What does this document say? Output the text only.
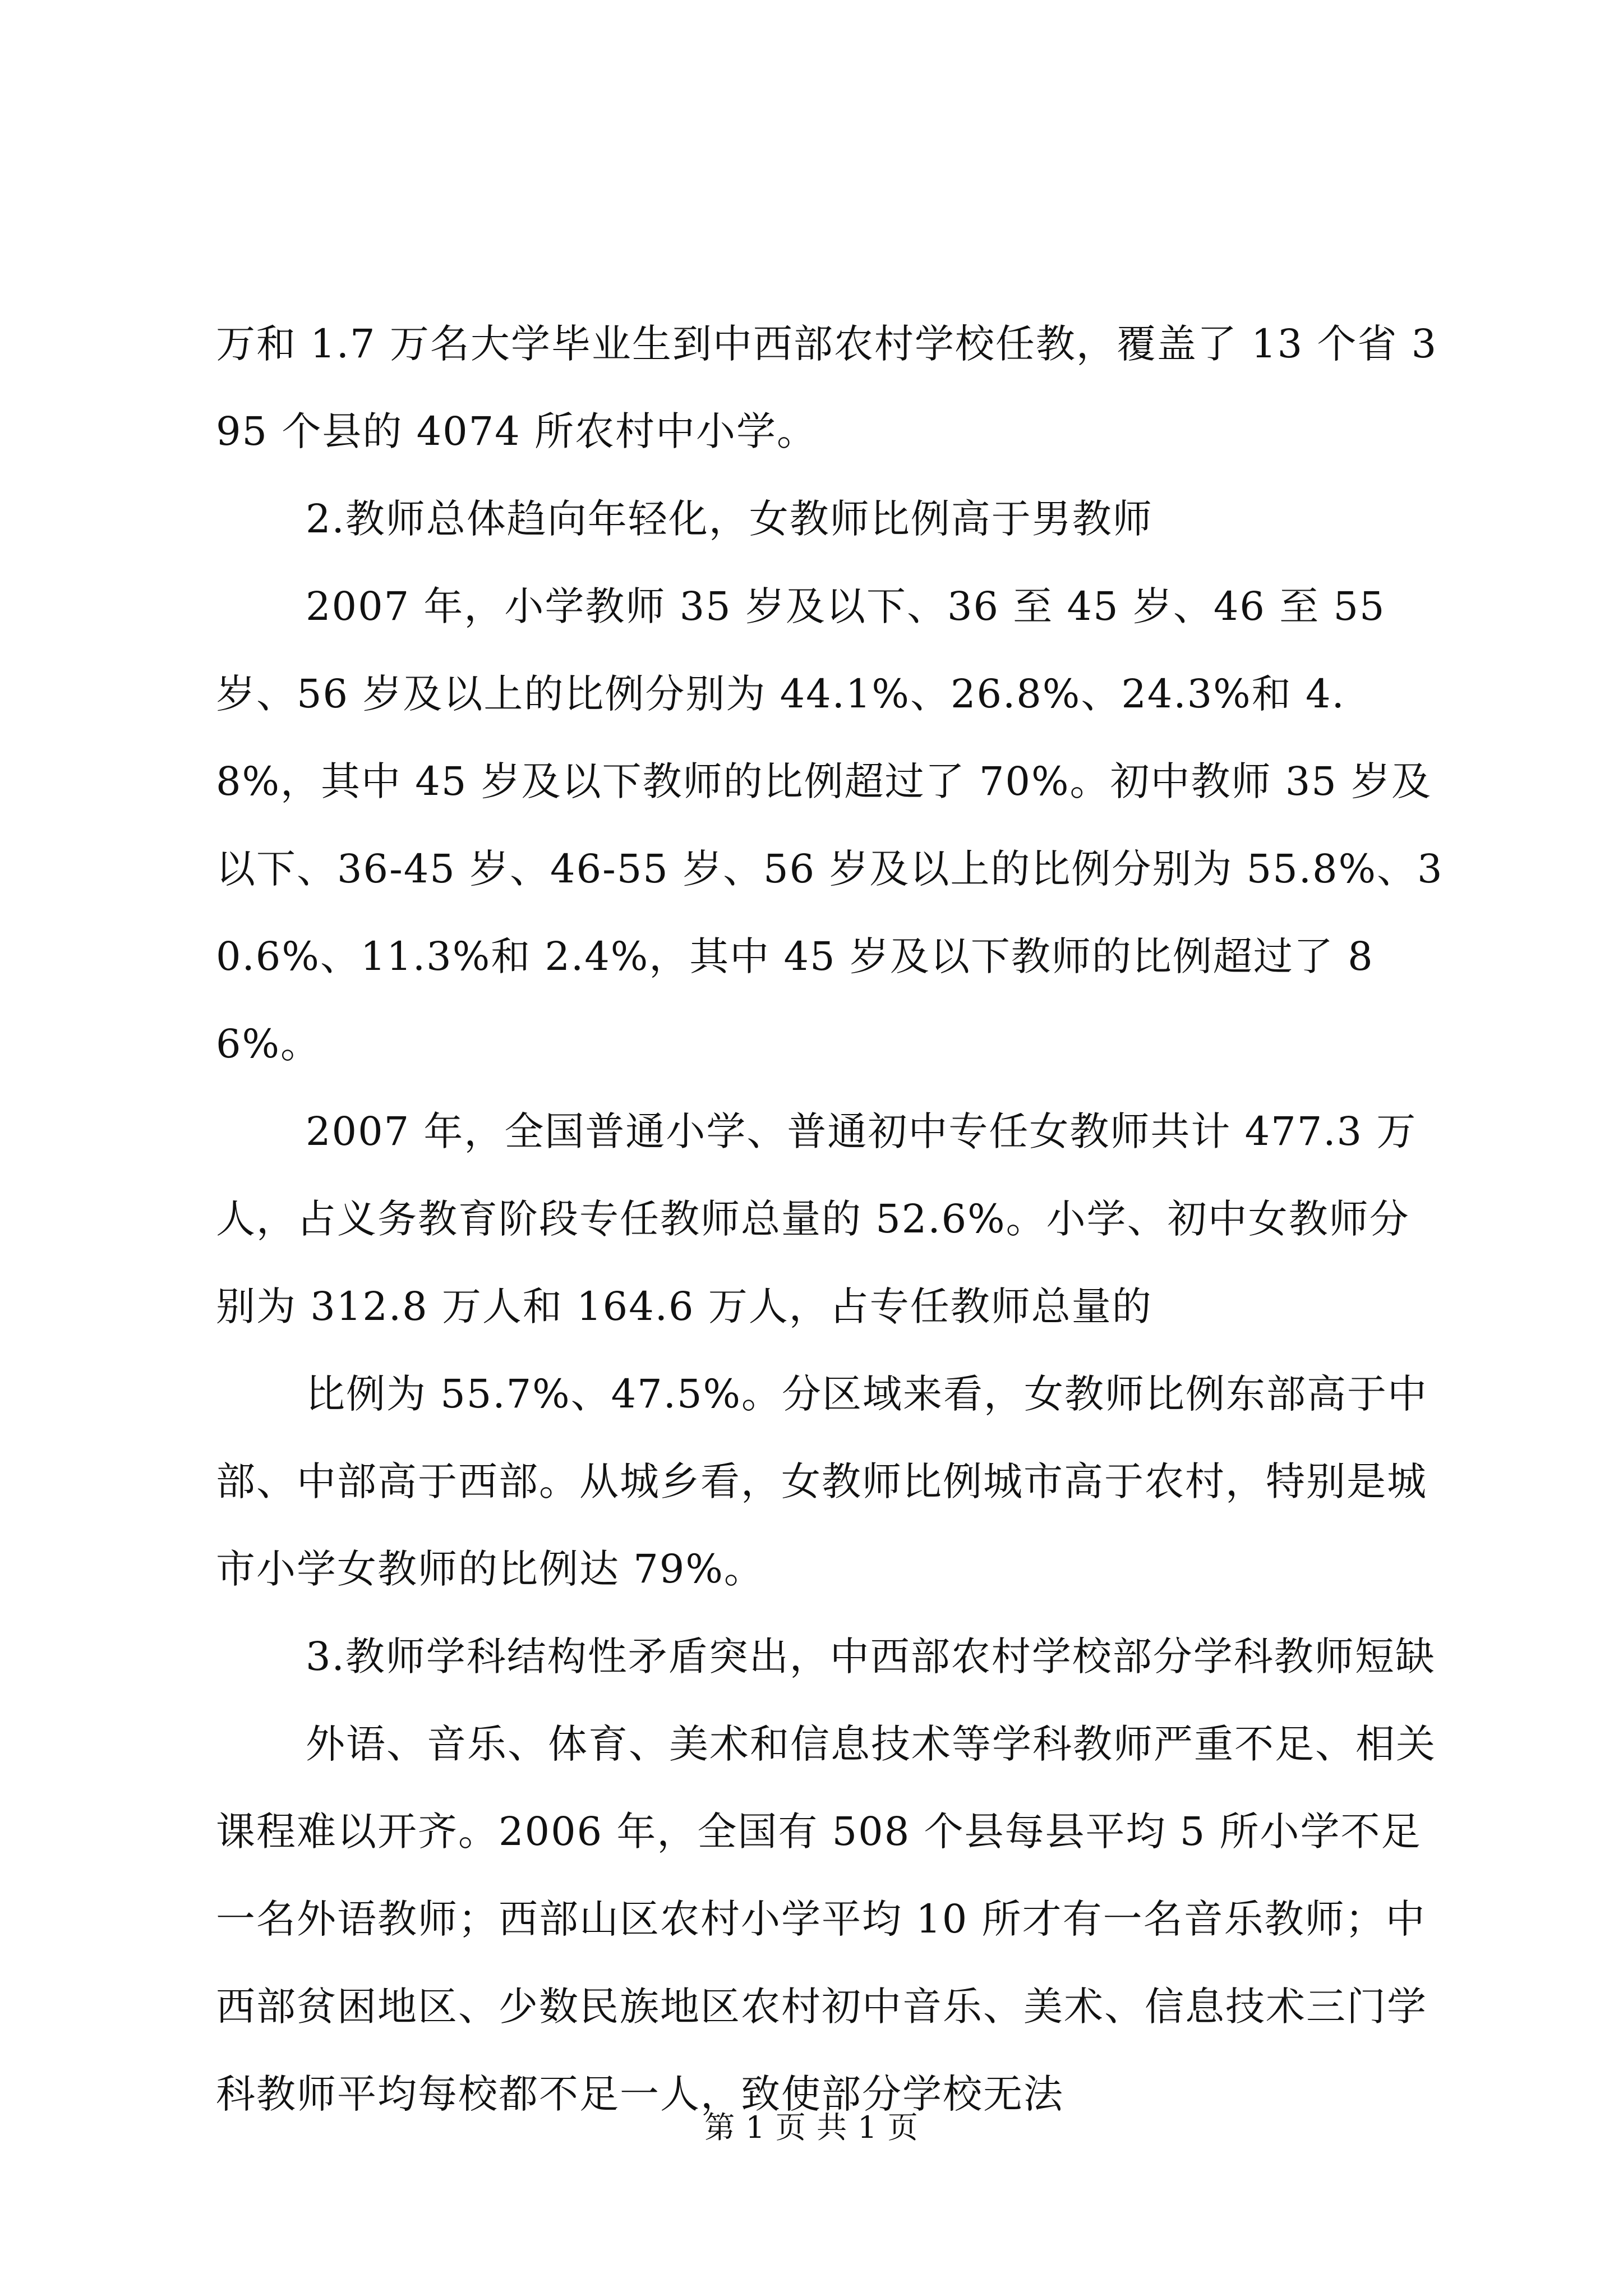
万和 1.7 万名大学毕业生到中西部农村学校任教，覆盖了 13 个省 395 个县的 4074 所农村中小学。

2.教师总体趋向年轻化，女教师比例高于男教师

2007 年，小学教师 35 岁及以下、36 至 45 岁、46 至 55 岁、56 岁及以上的比例分别为 44.1%、26.8%、24.3%和 4.8%，其中 45 岁及以下教师的比例超过了 70%。初中教师 35 岁及以下、36-45 岁、46-55 岁、56 岁及以上的比例分别为 55.8%、30.6%、11.3%和 2.4%，其中 45 岁及以下教师的比例超过了 86%。

2007 年，全国普通小学、普通初中专任女教师共计 477.3 万人，占义务教育阶段专任教师总量的 52.6%。小学、初中女教师分别为 312.8 万人和 164.6 万人，占专任教师总量的

比例为 55.7%、47.5%。分区域来看，女教师比例东部高于中部、中部高于西部。从城乡看，女教师比例城市高于农村，特别是城市小学女教师的比例达 79%。

3.教师学科结构性矛盾突出，中西部农村学校部分学科教师短缺

外语、音乐、体育、美术和信息技术等学科教师严重不足、相关课程难以开齐。2006 年，全国有 508 个县每县平均 5 所小学不足一名外语教师；西部山区农村小学平均 10 所才有一名音乐教师；中西部贫困地区、少数民族地区农村初中音乐、美术、信息技术三门学科教师平均每校都不足一人，致使部分学校无法

第 1 页 共 1 页
